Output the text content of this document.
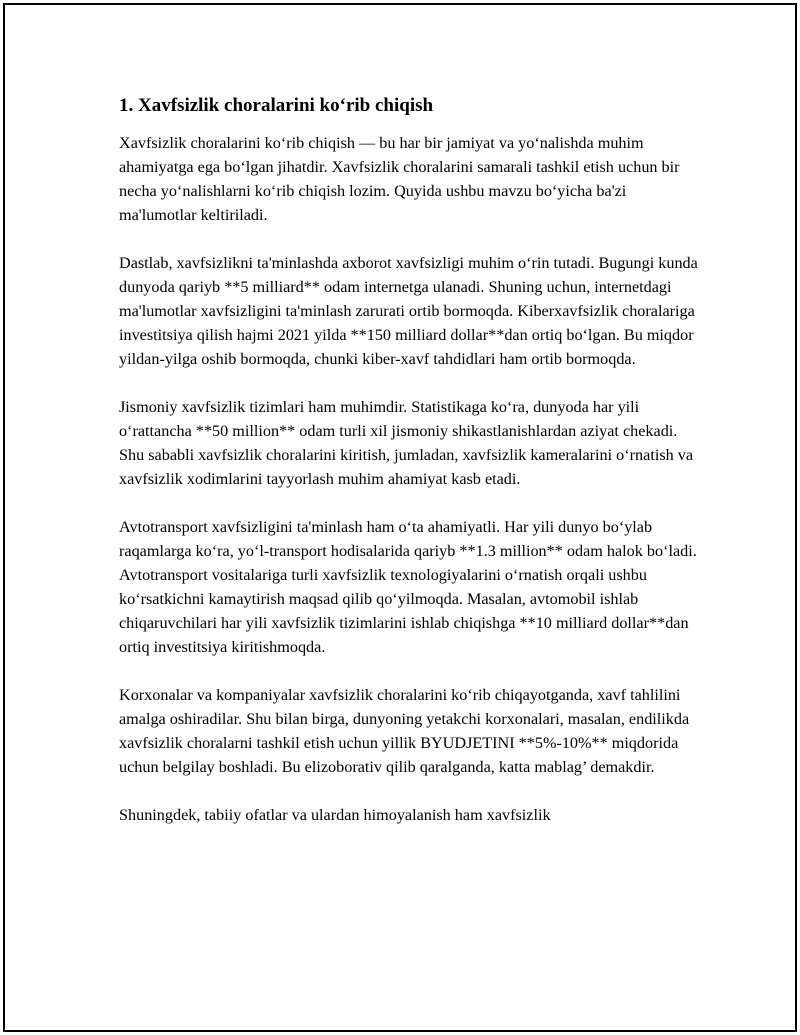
1. Xavfsizlik choralarini ko‘rib chiqish

Xavfsizlik choralarini ko‘rib chiqish — bu har bir jamiyat va yo‘nalishda muhim ahamiyatga ega bo‘lgan jihatdir. Xavfsizlik choralarini samarali tashkil etish uchun bir necha yo‘nalishlarni ko‘rib chiqish lozim. Quyida ushbu mavzu bo‘yicha ba'zi ma'lumotlar keltiriladi.

Dastlab, xavfsizlikni ta'minlashda axborot xavfsizligi muhim o‘rin tutadi. Bugungi kunda dunyoda qariyb **5 milliard** odam internetga ulanadi. Shuning uchun, internetdagi ma'lumotlar xavfsizligini ta'minlash zarurati ortib bormoqda. Kiberxavfsizlik choralariga investitsiya qilish hajmi 2021 yilda **150 milliard dollar**dan ortiq bo‘lgan. Bu miqdor yildan-yilga oshib bormoqda, chunki kiber-xavf tahdidlari ham ortib bormoqda.

Jismoniy xavfsizlik tizimlari ham muhimdir. Statistikaga ko‘ra, dunyoda har yili o‘rattancha **50 million** odam turli xil jismoniy shikastlanishlardan aziyat chekadi. Shu sababli xavfsizlik choralarini kiritish, jumladan, xavfsizlik kameralarini o‘rnatish va xavfsizlik xodimlarini tayyorlash muhim ahamiyat kasb etadi.

Avtotransport xavfsizligini ta'minlash ham o‘ta ahamiyatli. Har yili dunyo bo‘ylab raqamlarga ko‘ra, yo‘l-transport hodisalarida qariyb **1.3 million** odam halok bo‘ladi. Avtotransport vositalariga turli xavfsizlik texnologiyalarini o‘rnatish orqali ushbu ko‘rsatkichni kamaytirish maqsad qilib qo‘yilmoqda. Masalan, avtomobil ishlab chiqaruvchilari har yili xavfsizlik tizimlarini ishlab chiqishga **10 milliard dollar**dan ortiq investitsiya kiritishmoqda.

Korxonalar va kompaniyalar xavfsizlik choralarini ko‘rib chiqayotganda, xavf tahlilini amalga oshiradilar. Shu bilan birga, dunyoning yetakchi korxonalari, masalan, endilikda xavfsizlik choralarni tashkil etish uchun yillik BYUDJETINI **5%-10%** miqdorida uchun belgilay boshladi. Bu elizoborativ qilib qaralganda, katta mablag’ demakdir.

Shuningdek, tabiiy ofatlar va ulardan himoyalanish ham xavfsizlik
